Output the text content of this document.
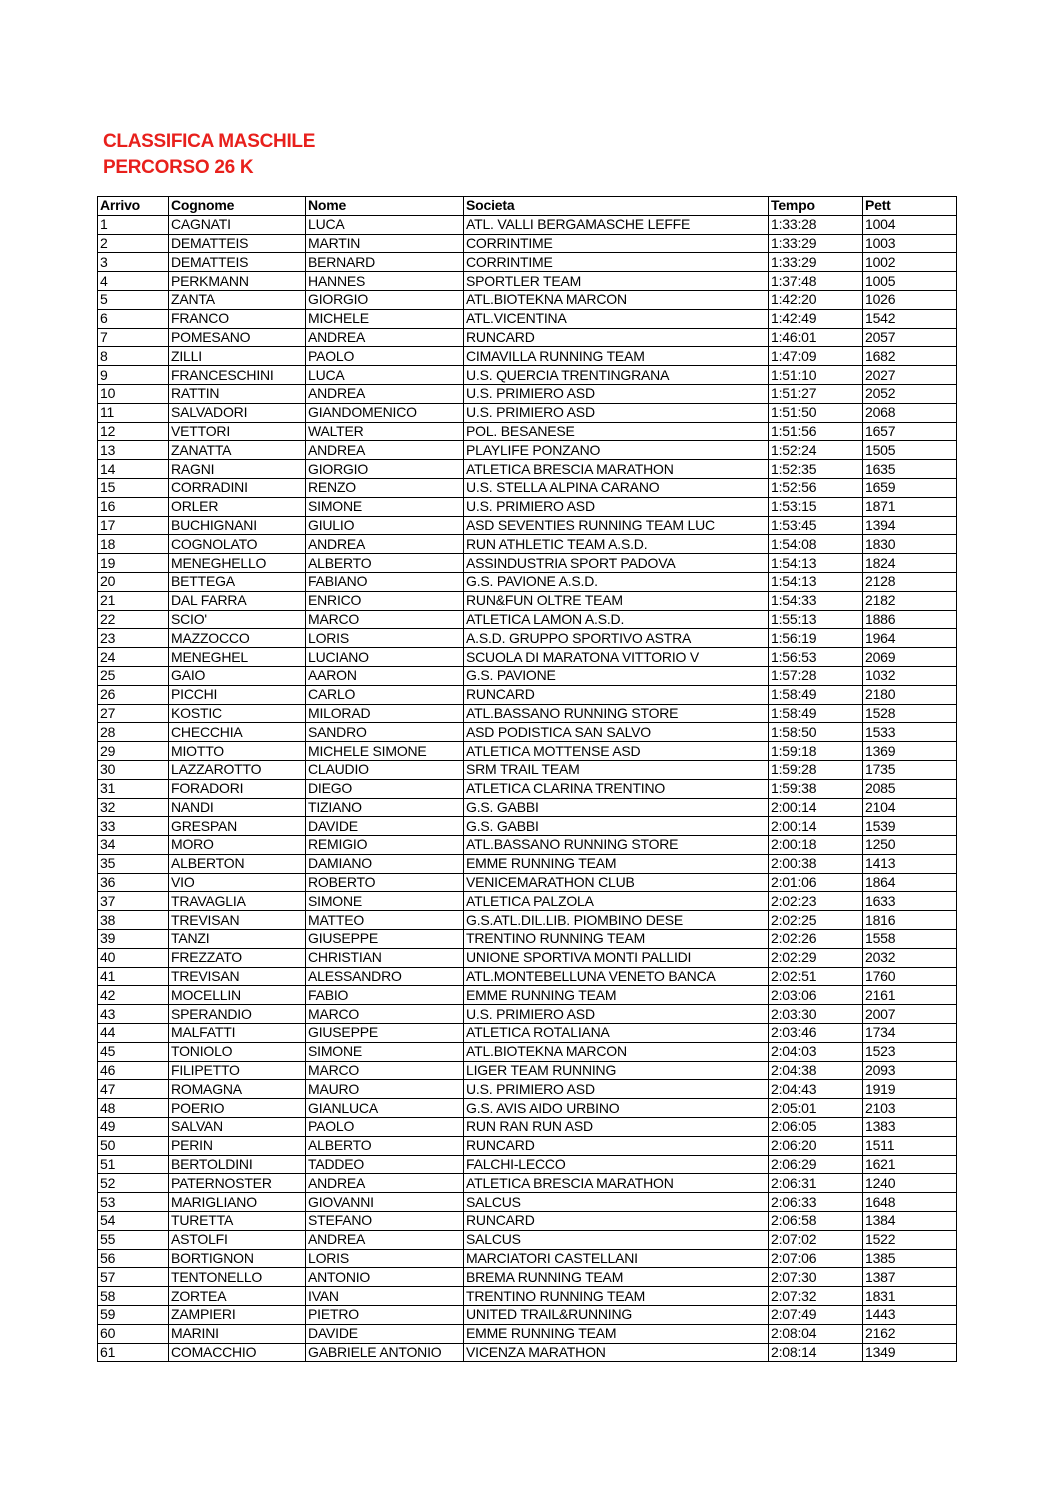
CLASSIFICA MASCHILE
PERCORSO 26 K
Arrivo	Cognome	Nome	Societa	Tempo	Pett
1	CAGNATI	LUCA	ATL. VALLI BERGAMASCHE LEFFE	1:33:28	1004
2	DEMATTEIS	MARTIN	CORRINTIME	1:33:29	1003
3	DEMATTEIS	BERNARD	CORRINTIME	1:33:29	1002
4	PERKMANN	HANNES	SPORTLER TEAM	1:37:48	1005
5	ZANTA	GIORGIO	ATL.BIOTEKNA MARCON	1:42:20	1026
6	FRANCO	MICHELE	ATL.VICENTINA	1:42:49	1542
7	POMESANO	ANDREA	RUNCARD	1:46:01	2057
8	ZILLI	PAOLO	CIMAVILLA RUNNING TEAM	1:47:09	1682
9	FRANCESCHINI	LUCA	U.S. QUERCIA TRENTINGRANA	1:51:10	2027
10	RATTIN	ANDREA	U.S. PRIMIERO ASD	1:51:27	2052
11	SALVADORI	GIANDOMENICO	U.S. PRIMIERO ASD	1:51:50	2068
12	VETTORI	WALTER	POL. BESANESE	1:51:56	1657
13	ZANATTA	ANDREA	PLAYLIFE PONZANO	1:52:24	1505
14	RAGNI	GIORGIO	ATLETICA BRESCIA MARATHON	1:52:35	1635
15	CORRADINI	RENZO	U.S. STELLA ALPINA CARANO	1:52:56	1659
16	ORLER	SIMONE	U.S. PRIMIERO ASD	1:53:15	1871
17	BUCHIGNANI	GIULIO	ASD SEVENTIES RUNNING TEAM LUC	1:53:45	1394
18	COGNOLATO	ANDREA	RUN ATHLETIC TEAM A.S.D.	1:54:08	1830
19	MENEGHELLO	ALBERTO	ASSINDUSTRIA SPORT PADOVA	1:54:13	1824
20	BETTEGA	FABIANO	G.S. PAVIONE A.S.D.	1:54:13	2128
21	DAL FARRA	ENRICO	RUN&FUN OLTRE TEAM	1:54:33	2182
22	SCIO'	MARCO	ATLETICA LAMON A.S.D.	1:55:13	1886
23	MAZZOCCO	LORIS	A.S.D. GRUPPO SPORTIVO ASTRA	1:56:19	1964
24	MENEGHEL	LUCIANO	SCUOLA DI MARATONA VITTORIO V	1:56:53	2069
25	GAIO	AARON	G.S. PAVIONE	1:57:28	1032
26	PICCHI	CARLO	RUNCARD	1:58:49	2180
27	KOSTIC	MILORAD	ATL.BASSANO RUNNING STORE	1:58:49	1528
28	CHECCHIA	SANDRO	ASD PODISTICA SAN SALVO	1:58:50	1533
29	MIOTTO	MICHELE SIMONE	ATLETICA MOTTENSE ASD	1:59:18	1369
30	LAZZAROTTO	CLAUDIO	SRM TRAIL TEAM	1:59:28	1735
31	FORADORI	DIEGO	ATLETICA CLARINA TRENTINO	1:59:38	2085
32	NANDI	TIZIANO	G.S. GABBI	2:00:14	2104
33	GRESPAN	DAVIDE	G.S. GABBI	2:00:14	1539
34	MORO	REMIGIO	ATL.BASSANO RUNNING STORE	2:00:18	1250
35	ALBERTON	DAMIANO	EMME RUNNING TEAM	2:00:38	1413
36	VIO	ROBERTO	VENICEMARATHON CLUB	2:01:06	1864
37	TRAVAGLIA	SIMONE	ATLETICA PALZOLA	2:02:23	1633
38	TREVISAN	MATTEO	G.S.ATL.DIL.LIB. PIOMBINO DESE	2:02:25	1816
39	TANZI	GIUSEPPE	TRENTINO RUNNING TEAM	2:02:26	1558
40	FREZZATO	CHRISTIAN	UNIONE SPORTIVA MONTI PALLIDI	2:02:29	2032
41	TREVISAN	ALESSANDRO	ATL.MONTEBELLUNA VENETO BANCA	2:02:51	1760
42	MOCELLIN	FABIO	EMME RUNNING TEAM	2:03:06	2161
43	SPERANDIO	MARCO	U.S. PRIMIERO ASD	2:03:30	2007
44	MALFATTI	GIUSEPPE	ATLETICA ROTALIANA	2:03:46	1734
45	TONIOLO	SIMONE	ATL.BIOTEKNA MARCON	2:04:03	1523
46	FILIPETTO	MARCO	LIGER TEAM RUNNING	2:04:38	2093
47	ROMAGNA	MAURO	U.S. PRIMIERO ASD	2:04:43	1919
48	POERIO	GIANLUCA	G.S. AVIS AIDO URBINO	2:05:01	2103
49	SALVAN	PAOLO	RUN RAN RUN ASD	2:06:05	1383
50	PERIN	ALBERTO	RUNCARD	2:06:20	1511
51	BERTOLDINI	TADDEO	FALCHI-LECCO	2:06:29	1621
52	PATERNOSTER	ANDREA	ATLETICA BRESCIA MARATHON	2:06:31	1240
53	MARIGLIANO	GIOVANNI	SALCUS	2:06:33	1648
54	TURETTA	STEFANO	RUNCARD	2:06:58	1384
55	ASTOLFI	ANDREA	SALCUS	2:07:02	1522
56	BORTIGNON	LORIS	MARCIATORI CASTELLANI	2:07:06	1385
57	TENTONELLO	ANTONIO	BREMA RUNNING TEAM	2:07:30	1387
58	ZORTEA	IVAN	TRENTINO RUNNING TEAM	2:07:32	1831
59	ZAMPIERI	PIETRO	UNITED TRAIL&RUNNING	2:07:49	1443
60	MARINI	DAVIDE	EMME RUNNING TEAM	2:08:04	2162
61	COMACCHIO	GABRIELE ANTONIO	VICENZA MARATHON	2:08:14	1349
